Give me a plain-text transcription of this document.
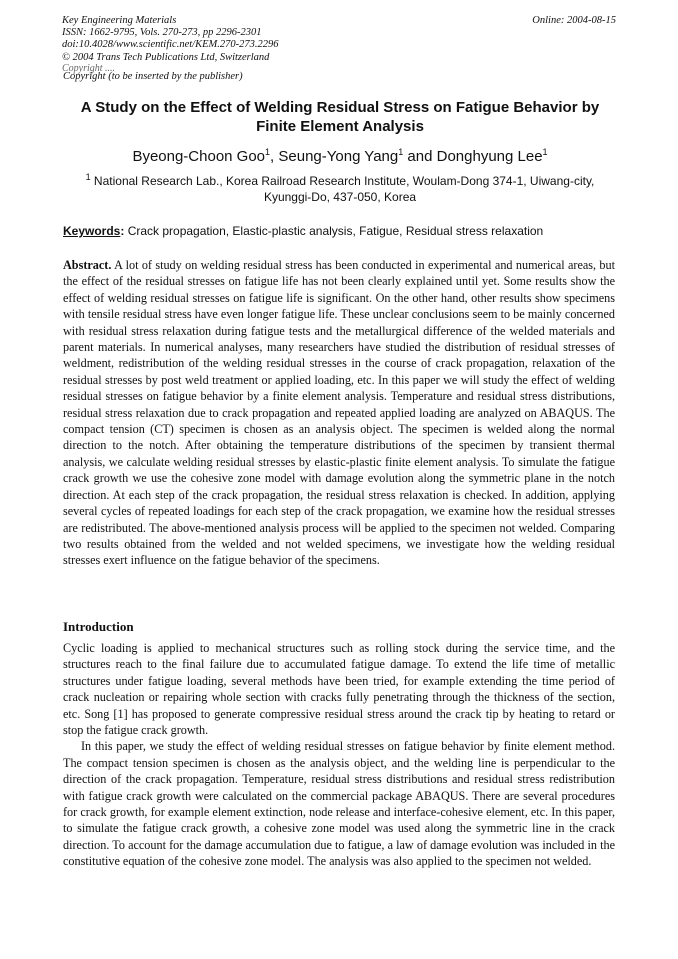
Key Engineering Materials	Online: 2004-08-15
ISSN: 1662-9795, Vols. 270-273, pp 2296-2301
doi:10.4028/www.scientific.net/KEM.270-273.2296
© 2004 Trans Tech Publications Ltd, Switzerland
Copyright ....
Copyright (to be inserted by the publisher)
A Study on the Effect of Welding Residual Stress on Fatigue Behavior by Finite Element Analysis
Byeong-Choon Goo$^1$, Seung-Yong Yang$^1$ and Donghyung Lee$^1$
$^1$ National Research Lab., Korea Railroad Research Institute, Woulam-Dong 374-1, Uiwang-city, Kyunggi-Do, 437-050, Korea
Keywords: Crack propagation, Elastic-plastic analysis, Fatigue, Residual stress relaxation
Abstract. A lot of study on welding residual stress has been conducted in experimental and numerical areas, but the effect of the residual stresses on fatigue life has not been clearly explained until yet. Some results show the effect of welding residual stresses on fatigue life is significant. On the other hand, other results show specimens with tensile residual stress have even longer fatigue life. These unclear conclusions seem to be mainly concerned with residual stress relaxation during fatigue tests and the metallurgical difference of the welded materials and parent materials. In numerical analyses, many researchers have studied the distribution of residual stresses of weldment, redistribution of the welding residual stresses in the course of crack propagation, relaxation of the residual stresses by post weld treatment or applied loading, etc. In this paper we will study the effect of welding residual stresses on fatigue behavior by a finite element analysis. Temperature and residual stress distributions, residual stress relaxation due to crack propagation and repeated applied loading are analyzed on ABAQUS. The compact tension (CT) specimen is chosen as an analysis object. The specimen is welded along the normal direction to the notch. After obtaining the temperature distributions of the specimen by transient thermal analysis, we calculate welding residual stresses by elastic-plastic finite element analysis. To simulate the fatigue crack growth we use the cohesive zone model with damage evolution along the symmetric plane in the notch direction. At each step of the crack propagation, the residual stress relaxation is checked. In addition, applying several cycles of repeated loadings for each step of the crack propagation, we examine how the residual stresses are redistributed. The above-mentioned analysis process will be applied to the specimen not welded. Comparing two results obtained from the welded and not welded specimens, we investigate how the welding residual stresses exert influence on the fatigue behavior of the specimens.
Introduction

Cyclic loading is applied to mechanical structures such as rolling stock during the service time, and the structures reach to the final failure due to accumulated fatigue damage. To extend the life time of metallic structures under fatigue loading, several methods have been tried, for example extending the time period of crack nucleation or repairing whole section with cracks fully penetrating through the thickness of the section, etc. Song [1] has proposed to generate compressive residual stress around the crack tip by heating to retard or stop the fatigue crack growth.

In this paper, we study the effect of welding residual stresses on fatigue behavior by finite element method. The compact tension specimen is chosen as the analysis object, and the welding line is perpendicular to the direction of the crack propagation. Temperature, residual stress distributions and residual stress redistribution with fatigue crack growth were calculated on the commercial package ABAQUS. There are several procedures for crack growth, for example element extinction, node release and interface-cohesive element, etc. In this paper, to simulate the fatigue crack growth, a cohesive zone model was used along the symmetric line in the crack direction. To account for the damage accumulation due to fatigue, a law of damage evolution was included in the constitutive equation of the cohesive zone model. The analysis was also applied to the specimen not welded.
